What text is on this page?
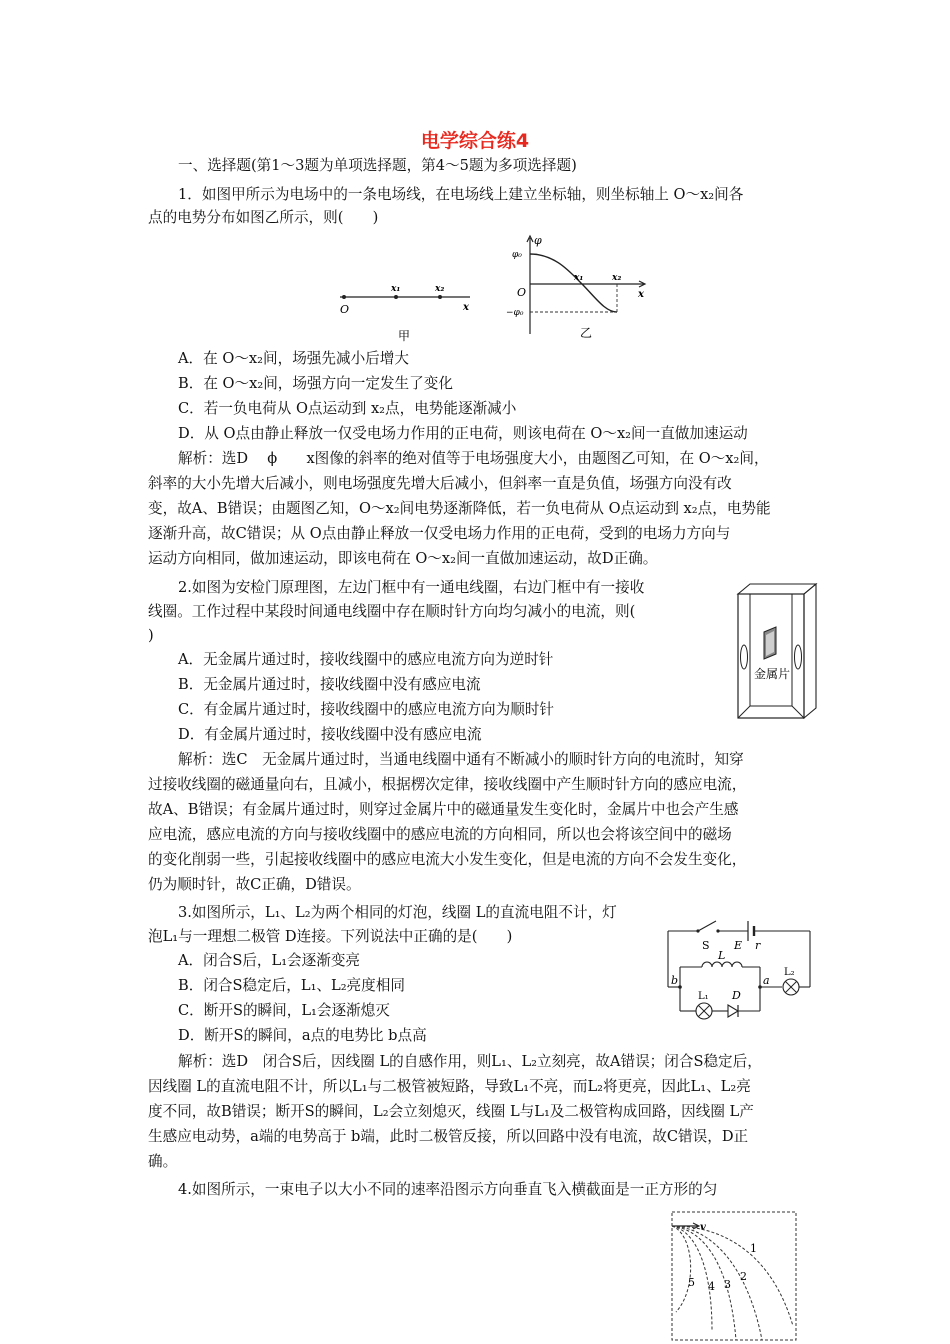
电学综合练4
一、选择题(第1～3题为单项选择题，第4～5题为多项选择题)
1．如图甲所示为电场中的一条电场线，在电场线上建立坐标轴，则坐标轴上 O～x₂间各
点的电势分布如图乙所示，则(　　)
O
x₁	x₂
x
甲
φ
φ₀
O
−φ₀
x₁	x₂
x
乙
A．在 O～x₂间，场强先减小后增大
B．在 O～x₂间，场强方向一定发生了变化
C．若一负电荷从 O点运动到 x₂点，电势能逐渐减小
D．从 O点由静止释放一仅受电场力作用的正电荷，则该电荷在 O～x₂间一直做加速运动
解析：选D　 ϕ　　x图像的斜率的绝对值等于电场强度大小，由题图乙可知，在 O～x₂间，
斜率的大小先增大后减小，则电场强度先增大后减小，但斜率一直是负值，场强方向没有改
变，故A、B错误；由题图乙知，O～x₂间电势逐渐降低，若一负电荷从 O点运动到 x₂点，电势能
逐渐升高，故C错误；从 O点由静止释放一仅受电场力作用的正电荷，受到的电场力方向与
运动方向相同，做加速运动，即该电荷在 O～x₂间一直做加速运动，故D正确。
2.如图为安检门原理图，左边门框中有一通电线圈，右边门框中有一接收
线圈。工作过程中某段时间通电线圈中存在顺时针方向均匀减小的电流，则(
)
金属片
A．无金属片通过时，接收线圈中的感应电流方向为逆时针
B．无金属片通过时，接收线圈中没有感应电流
C．有金属片通过时，接收线圈中的感应电流方向为顺时针
D．有金属片通过时，接收线圈中没有感应电流
解析：选C　无金属片通过时，当通电线圈中通有不断减小的顺时针方向的电流时，知穿
过接收线圈的磁通量向右，且减小，根据楞次定律，接收线圈中产生顺时针方向的感应电流，
故A、B错误；有金属片通过时，则穿过金属片中的磁通量发生变化时，金属片中也会产生感
应电流，感应电流的方向与接收线圈中的感应电流的方向相同，所以也会将该空间中的磁场
的变化削弱一些，引起接收线圈中的感应电流大小发生变化，但是电流的方向不会发生变化，
仍为顺时针，故C正确，D错误。
3.如图所示，L₁、L₂为两个相同的灯泡，线圈 L的直流电阻不计，灯
泡L₁与一理想二极管 D连接。下列说法中正确的是(　　)
S E r
L
b	a
L₂
L₁ D
A．闭合S后，L₁会逐渐变亮
B．闭合S稳定后，L₁、L₂亮度相同
C．断开S的瞬间，L₁会逐渐熄灭
D．断开S的瞬间，a点的电势比 b点高
解析：选D　闭合S后，因线圈 L的自感作用，则L₁、L₂立刻亮，故A错误；闭合S稳定后，
因线圈 L的直流电阻不计，所以L₁与二极管被短路，导致L₁不亮，而L₂将更亮，因此L₁、L₂亮
度不同，故B错误；断开S的瞬间，L₂会立刻熄灭，线圈 L与L₁及二极管构成回路，因线圈 L产
生感应电动势，a端的电势高于 b端，此时二极管反接，所以回路中没有电流，故C错误，D正
确。
4.如图所示，一束电子以大小不同的速率沿图示方向垂直飞入横截面是一正方形的匀
v
1
2
3
4
5
